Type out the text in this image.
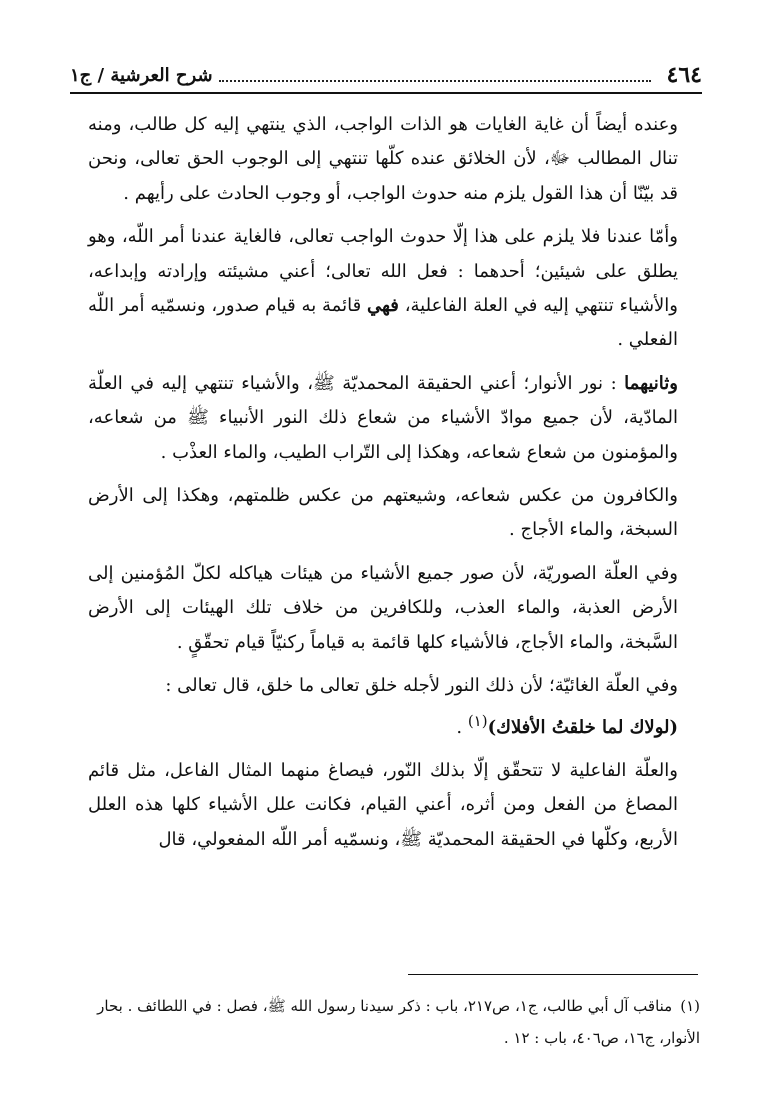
٤٦٤
شرح العرشية / ج١

وعنده أيضاً أن غاية الغايات هو الذات الواجب، الذي ينتهي إليه كل طالب، ومنه تنال المطالب ﷻ، لأن الخلائق عنده كلّها تنتهي إلى الوجوب الحق تعالى، ونحن قد بيّنّا أن هذا القول يلزم منه حدوث الواجب، أو وجوب الحادث على رأيهم .

وأمّا عندنا فلا يلزم على هذا إلّا حدوث الواجب تعالى، فالغاية عندنا أمر اللّه، وهو يطلق على شيئين؛ أحدهما : فعل الله تعالى؛ أعني مشيئته وإرادته وإبداعه، والأشياء تنتهي إليه في العلة الفاعلية، فهي قائمة به قيام صدور، ونسمّيه أمر اللّه الفعلي .

وثانيهما : نور الأنوار؛ أعني الحقيقة المحمديّة ﷺ، والأشياء تنتهي إليه في العلّة المادّية، لأن جميع موادّ الأشياء من شعاع ذلك النور الأنبياء ﷺ من شعاعه، والمؤمنون من شعاع شعاعه، وهكذا إلى التّراب الطيب، والماء العذْب .

والكافرون من عكس شعاعه، وشيعتهم من عكس ظلمتهم، وهكذا إلى الأرض السبخة، والماء الأجاج .

وفي العلّة الصوريّة، لأن صور جميع الأشياء من هيئات هياكله لكلّ المُؤمنين إلى الأرض العذبة، والماء العذب، وللكافرين من خلاف تلك الهيئات إلى الأرض السَّبخة، والماء الأجاج، فالأشياء كلها قائمة به قياماً ركنيّاً قيام تحقّقٍ .

وفي العلّة الغائيّة؛ لأن ذلك النور لأجله خلق تعالى ما خلق، قال تعالى :
(لولاك لما خلقتُ الأفلاك)$^{(١)}$ .

والعلّة الفاعلية لا تتحقّق إلّا بذلك النّور، فيصاغ منهما المثال الفاعل، مثل قائم المصاغ من الفعل ومن أثره، أعني القيام، فكانت علل الأشياء كلها هذه العلل الأربع، وكلّها في الحقيقة المحمديّة ﷺ، ونسمّيه أمر اللّه المفعولي، قال

(١)مناقب آل أبي طالب، ج١، ص٢١٧، باب : ذكر سيدنا رسول الله ﷺ، فصل : في اللطائف . بحار الأنوار، ج١٦، ص٤٠٦، باب : ١٢ .
